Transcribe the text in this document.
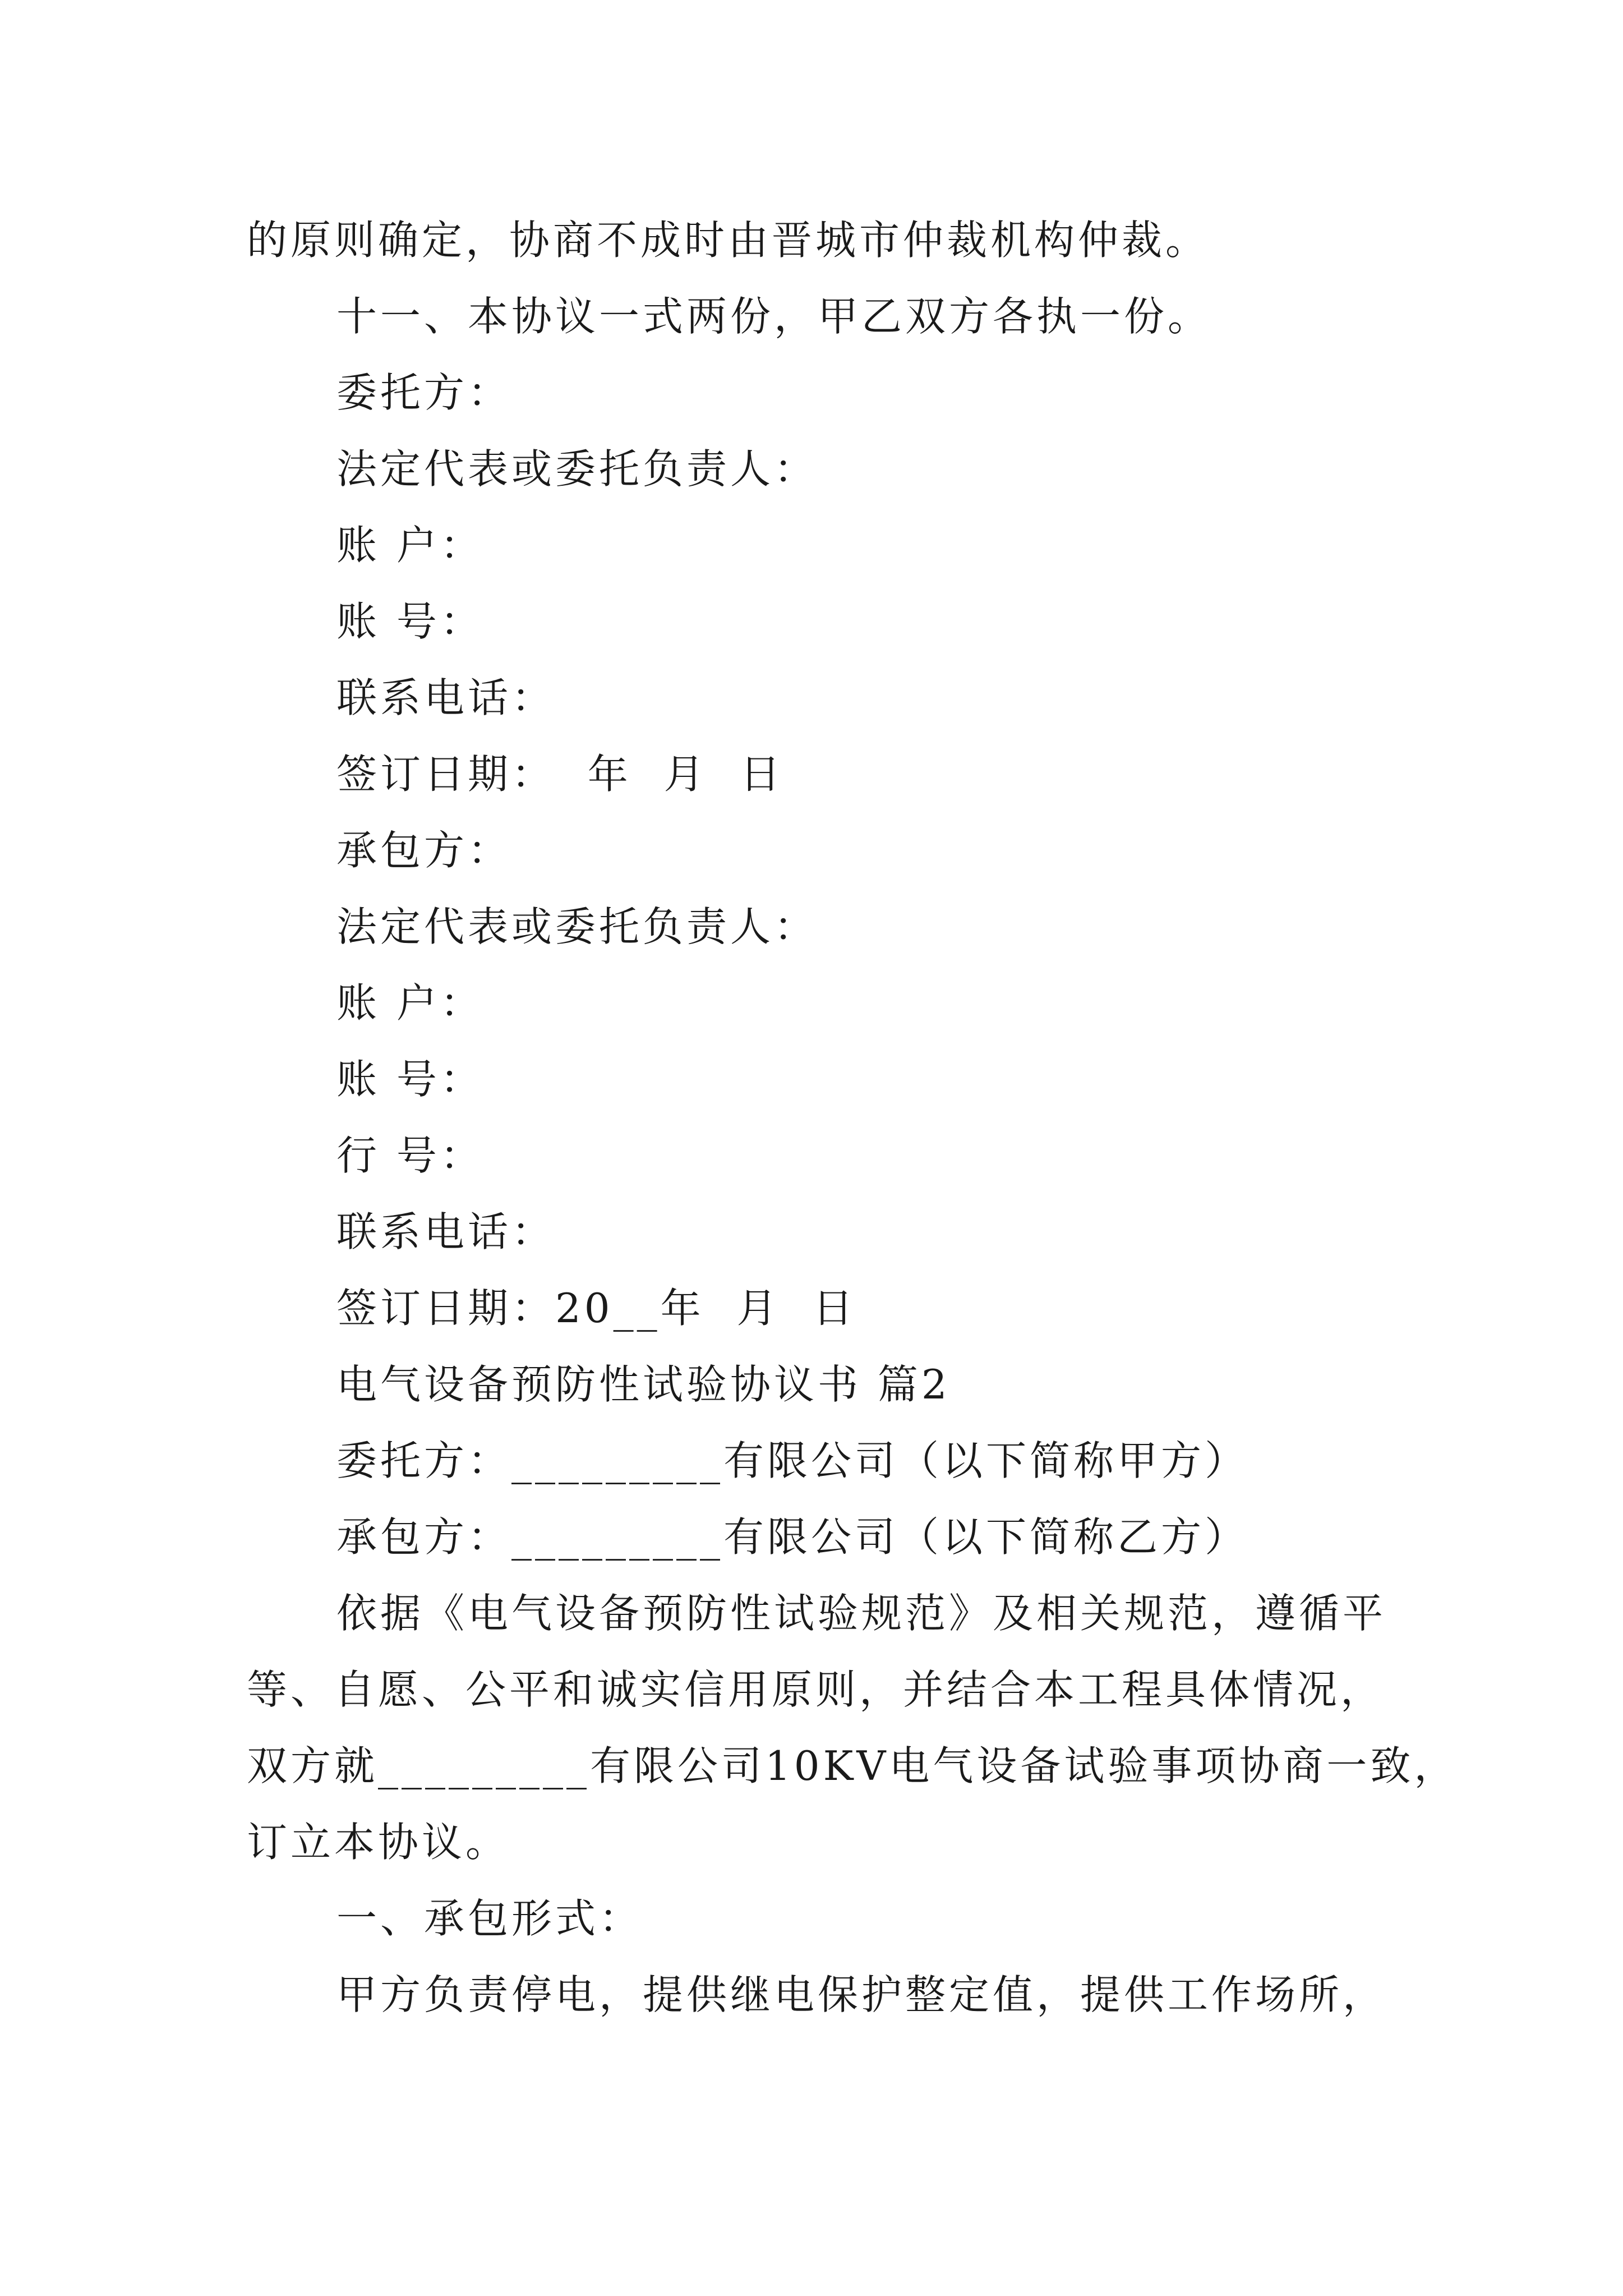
的原则确定，协商不成时由晋城市仲裁机构仲裁。
十一、本协议一式两份，甲乙双方各执一份。
委托方：
法定代表或委托负责人：
账 户：
账 号：
联系电话：
签订日期：  年  月  日
承包方：
法定代表或委托负责人：
账 户：
账 号：
行 号：
联系电话：
签订日期：20__年  月  日
电气设备预防性试验协议书 篇2
委托方：_________有限公司（以下简称甲方）
承包方：_________有限公司（以下简称乙方）
依据《电气设备预防性试验规范》及相关规范，遵循平
等、自愿、公平和诚实信用原则，并结合本工程具体情况，
双方就_________有限公司10KV电气设备试验事项协商一致，
订立本协议。
一、承包形式：
甲方负责停电，提供继电保护整定值，提供工作场所，
